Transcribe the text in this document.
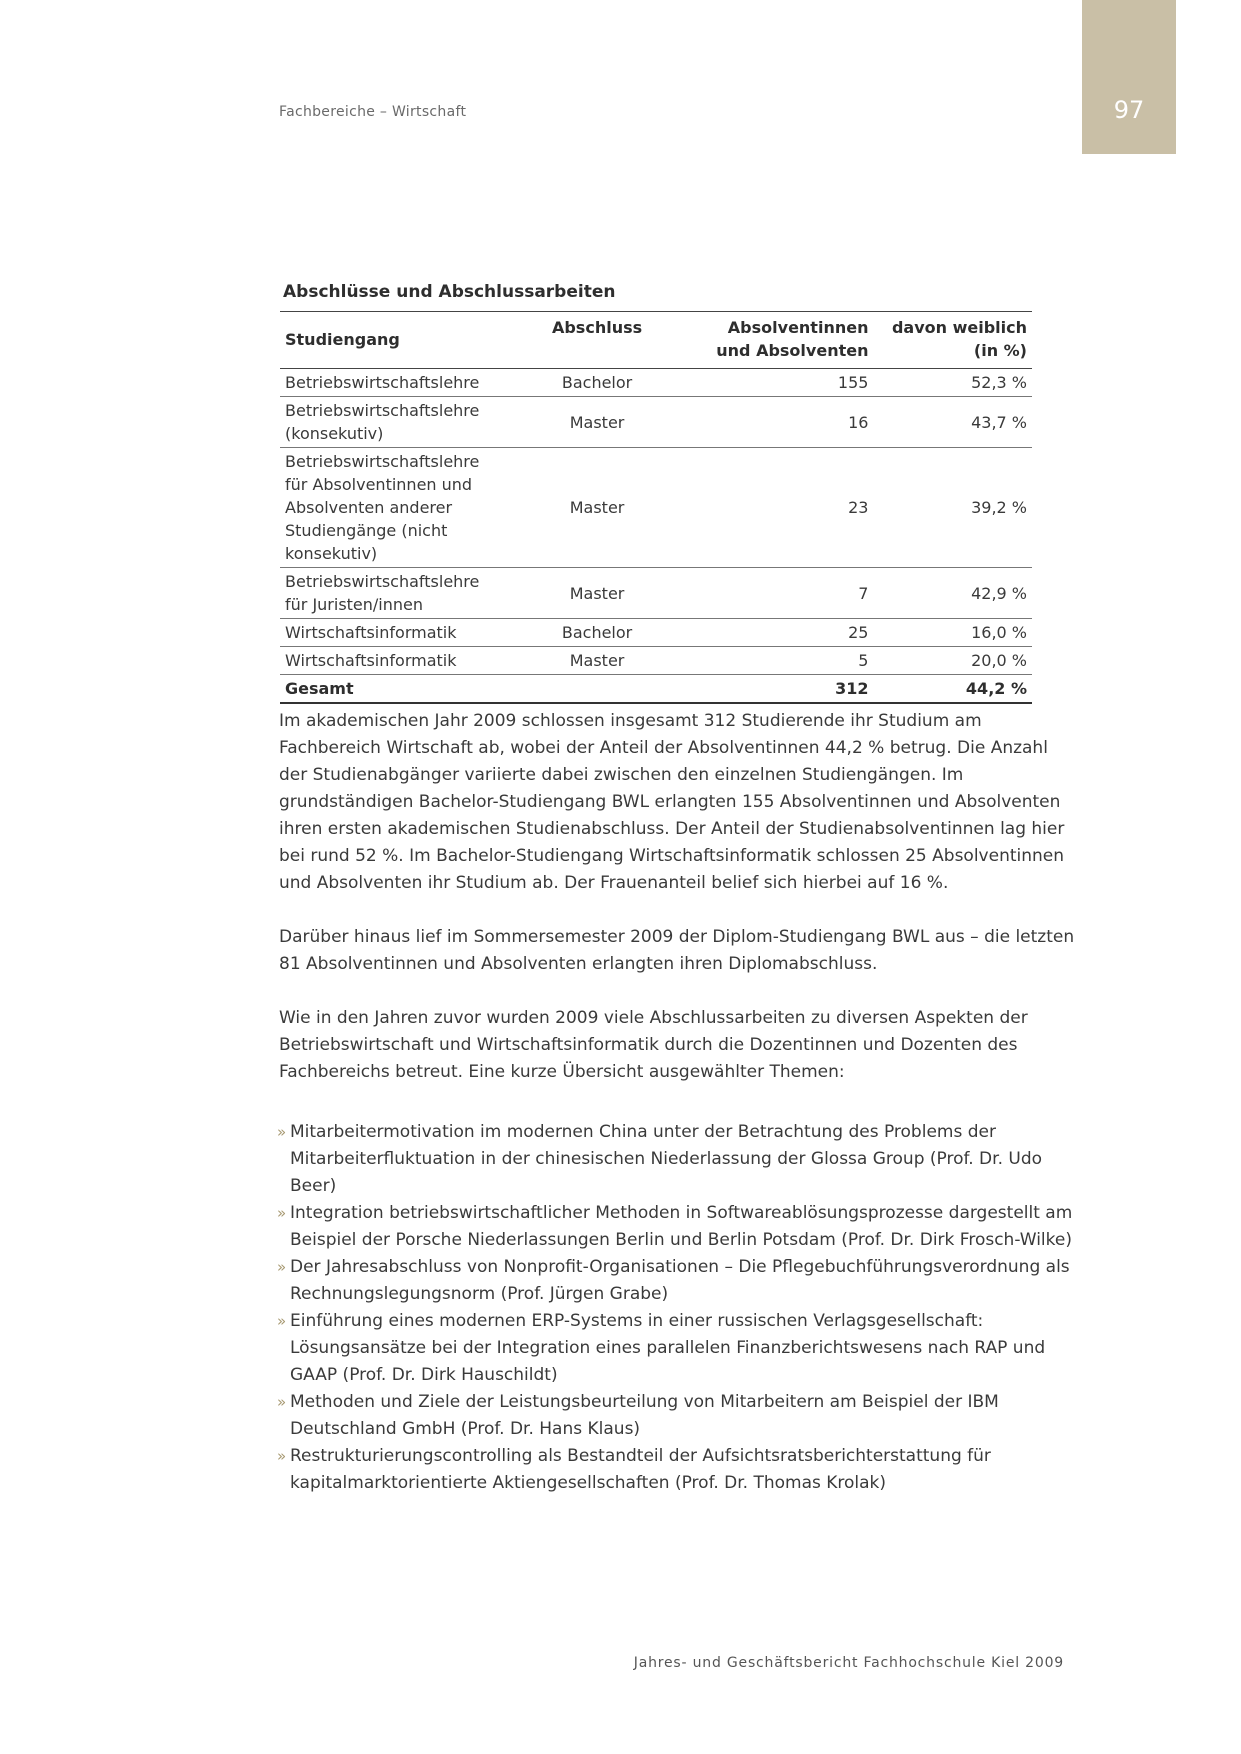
97
Fachbereiche – Wirtschaft
Abschlüsse und Abschlussarbeiten
Studiengang	Abschluss	Absolventinnen und Absolventen	davon weiblich (in %)
Betriebswirtschaftslehre	Bachelor	155	52,3 %
Betriebswirtschaftslehre (konsekutiv)	Master	16	43,7 %
Betriebswirtschaftslehre für Absolventinnen und Absolventen anderer Studiengänge (nicht konsekutiv)	Master	23	39,2 %
Betriebswirtschaftslehre für Juristen/innen	Master	7	42,9 %
Wirtschaftsinformatik	Bachelor	25	16,0 %
Wirtschaftsinformatik	Master	5	20,0 %
Gesamt		312	44,2 %

Im akademischen Jahr 2009 schlossen insgesamt 312 Studierende ihr Studium am Fachbereich Wirtschaft ab, wobei der Anteil der Absolventinnen 44,2 % betrug. Die Anzahl der Studienabgänger variierte dabei zwischen den einzelnen Studiengängen. Im grundständigen Bachelor-Studiengang BWL erlangten 155 Absolventinnen und Absolventen ihren ersten akademischen Studienabschluss. Der Anteil der Studienabsolventinnen lag hier bei rund 52 %. Im Bachelor-Studiengang Wirtschaftsinformatik schlossen 25 Absolventinnen und Absolventen ihr Studium ab. Der Frauenanteil belief sich hierbei auf 16 %.

Darüber hinaus lief im Sommersemester 2009 der Diplom-Studiengang BWL aus – die letzten 81 Absolventinnen und Absolventen erlangten ihren Diplomabschluss.

Wie in den Jahren zuvor wurden 2009 viele Abschlussarbeiten zu diversen Aspekten der Betriebswirtschaft und Wirtschaftsinformatik durch die Dozentinnen und Dozenten des Fachbereichs betreut. Eine kurze Übersicht ausgewählter Themen:

» Mitarbeitermotivation im modernen China unter der Betrachtung des Problems der Mitarbeiterfluktuation in der chinesischen Niederlassung der Glossa Group (Prof. Dr. Udo Beer)
» Integration betriebswirtschaftlicher Methoden in Softwareablösungsprozesse dargestellt am Beispiel der Porsche Niederlassungen Berlin und Berlin Potsdam (Prof. Dr. Dirk Frosch-Wilke)
» Der Jahresabschluss von Nonprofit-Organisationen – Die Pflegebuchführungsverordnung als Rechnungslegungsnorm (Prof. Jürgen Grabe)
» Einführung eines modernen ERP-Systems in einer russischen Verlagsgesellschaft: Lösungsansätze bei der Integration eines parallelen Finanzberichtswesens nach RAP und GAAP (Prof. Dr. Dirk Hauschildt)
» Methoden und Ziele der Leistungsbeurteilung von Mitarbeitern am Beispiel der IBM Deutschland GmbH (Prof. Dr. Hans Klaus)
» Restrukturierungscontrolling als Bestandteil der Aufsichtsratsberichterstattung für kapitalmarktorientierte Aktiengesellschaften (Prof. Dr. Thomas Krolak)
Jahres- und Geschäftsbericht Fachhochschule Kiel 2009
